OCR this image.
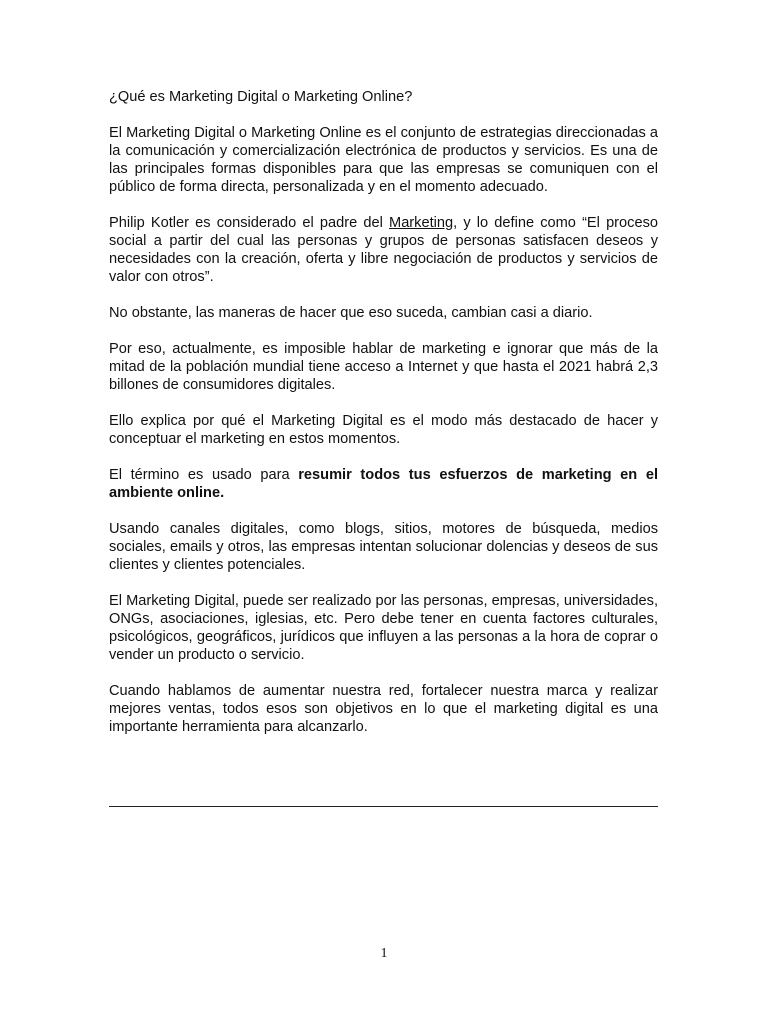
¿Qué es Marketing Digital o Marketing Online?

El Marketing Digital o Marketing Online es el conjunto de estrategias direccionadas a la comunicación y comercialización electrónica de productos y servicios. Es una de las principales formas disponibles para que las empresas se comuniquen con el público de forma directa, personalizada y en el momento adecuado.

Philip Kotler es considerado el padre del Marketing, y lo define como “El proceso social a partir del cual las personas y grupos de personas satisfacen deseos y necesidades con la creación, oferta y libre negociación de productos y servicios de valor con otros”.

No obstante, las maneras de hacer que eso suceda, cambian casi a diario.

Por eso, actualmente, es imposible hablar de marketing e ignorar que más de la mitad de la población mundial tiene acceso a Internet y que hasta el 2021 habrá 2,3 billones de consumidores digitales.

Ello explica por qué el Marketing Digital es el modo más destacado de hacer y conceptuar el marketing en estos momentos.

El término es usado para resumir todos tus esfuerzos de marketing en el ambiente online.

Usando canales digitales, como blogs, sitios, motores de búsqueda, medios sociales, emails y otros, las empresas intentan solucionar dolencias y deseos de sus clientes y clientes potenciales.

El Marketing Digital, puede ser realizado por las personas, empresas, universidades, ONGs, asociaciones, iglesias, etc. Pero debe tener en cuenta factores culturales, psicológicos, geográficos, jurídicos que influyen a las personas a la hora de coprar o vender un producto o servicio.

Cuando hablamos de aumentar nuestra red, fortalecer nuestra marca y realizar mejores ventas, todos esos son objetivos en lo que el marketing digital es una importante herramienta para alcanzarlo.

1
